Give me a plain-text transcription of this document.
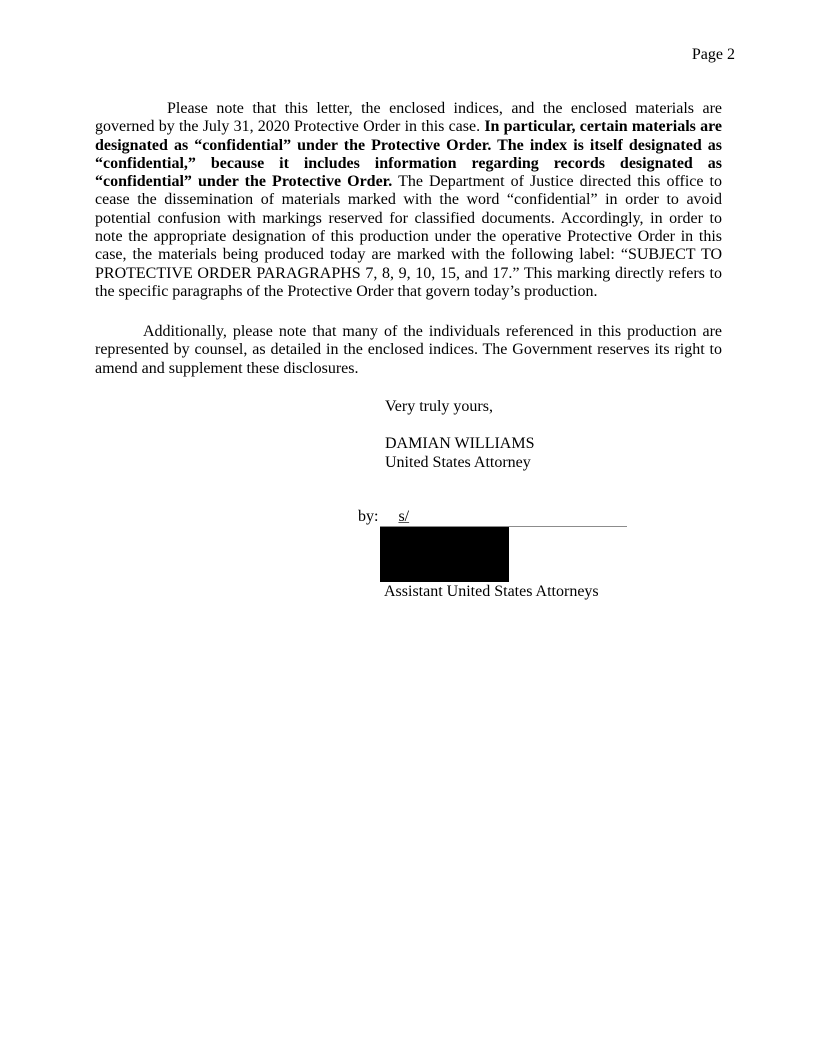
Page 2

Please note that this letter, the enclosed indices, and the enclosed materials are governed by the July 31, 2020 Protective Order in this case. In particular, certain materials are designated as “confidential” under the Protective Order. The index is itself designated as “confidential,” because it includes information regarding records designated as “confidential” under the Protective Order. The Department of Justice directed this office to cease the dissemination of materials marked with the word “confidential” in order to avoid potential confusion with markings reserved for classified documents. Accordingly, in order to note the appropriate designation of this production under the operative Protective Order in this case, the materials being produced today are marked with the following label: “SUBJECT TO PROTECTIVE ORDER PARAGRAPHS 7, 8, 9, 10, 15, and 17.” This marking directly refers to the specific paragraphs of the Protective Order that govern today’s production.

Additionally, please note that many of the individuals referenced in this production are represented by counsel, as detailed in the enclosed indices. The Government reserves its right to amend and supplement these disclosures.

Very truly yours,
DAMIAN WILLIAMS
United States Attorney
by: s/
Assistant United States Attorneys
